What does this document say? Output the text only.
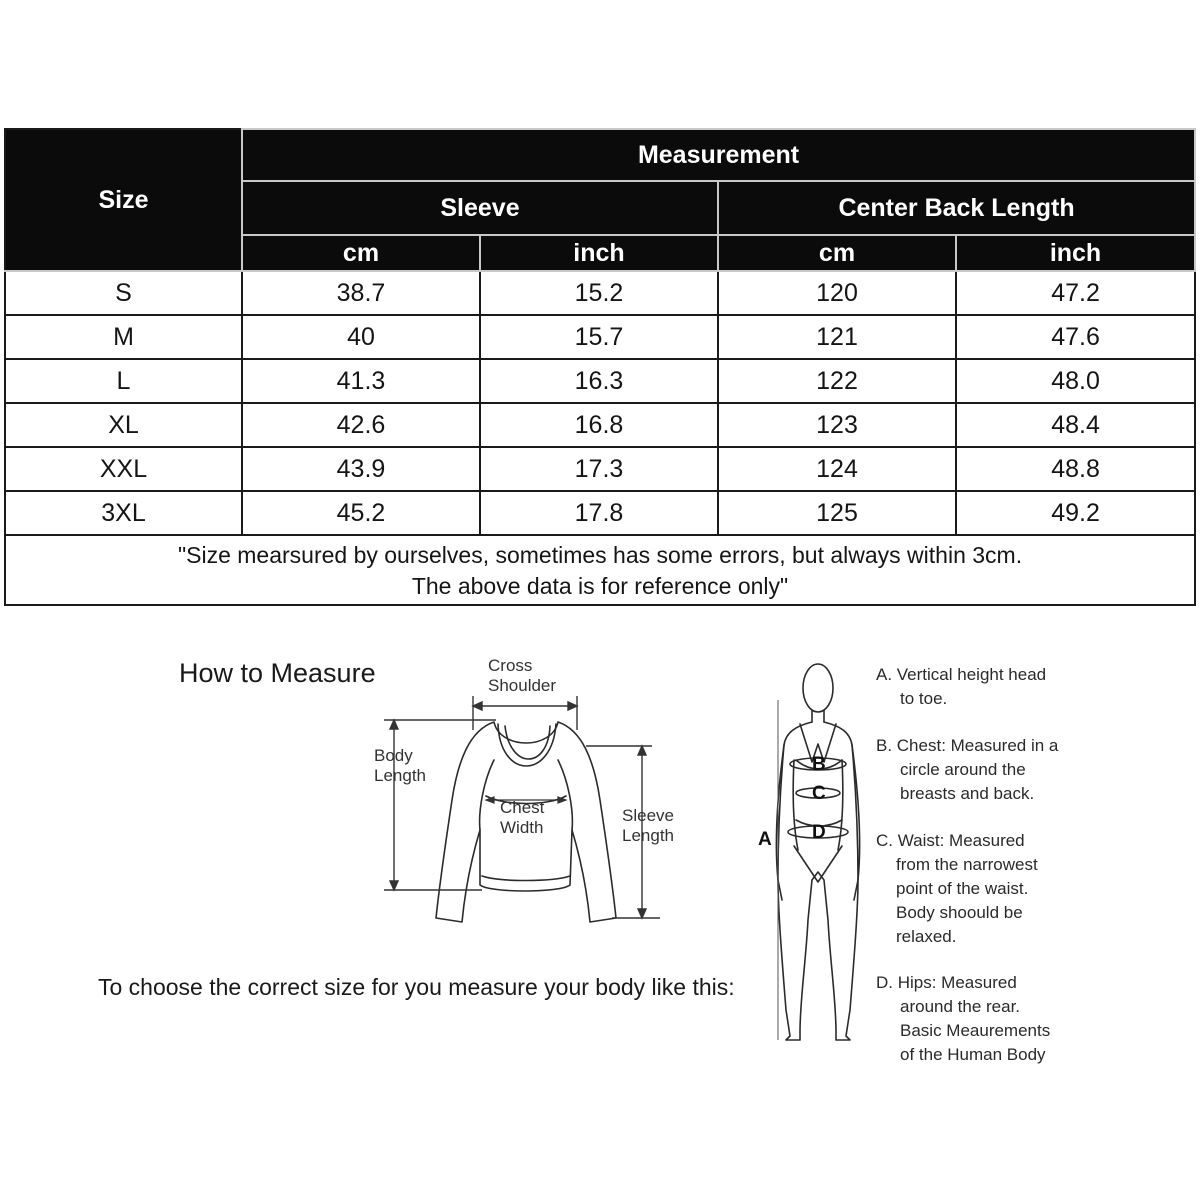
Size	Measurement			
	Sleeve		Center Back Length	
	cm	inch	cm	inch
S	38.7	15.2	120	47.2
M	40	15.7	121	47.6
L	41.3	16.3	122	48.0
XL	42.6	16.8	123	48.4
XXL	43.9	17.3	124	48.8
3XL	45.2	17.8	125	49.2

"Size mearsured by ourselves, sometimes has some errors, but always within 3cm.
The above data is for reference only"				
How to Measure
To choose the correct size for you measure your body like this:
Cross
Shoulder
Body
Length
Chest
Width
Sleeve
Length	A
B
C
D
A. Vertical height head
to toe.
B. Chest: Measured in a
circle around the
breasts and back.
C. Waist: Measured
from the narrowest
point of the waist.
Body shoould be
relaxed.
D. Hips: Measured
around the rear.
Basic Meaurements
of the Human Body
